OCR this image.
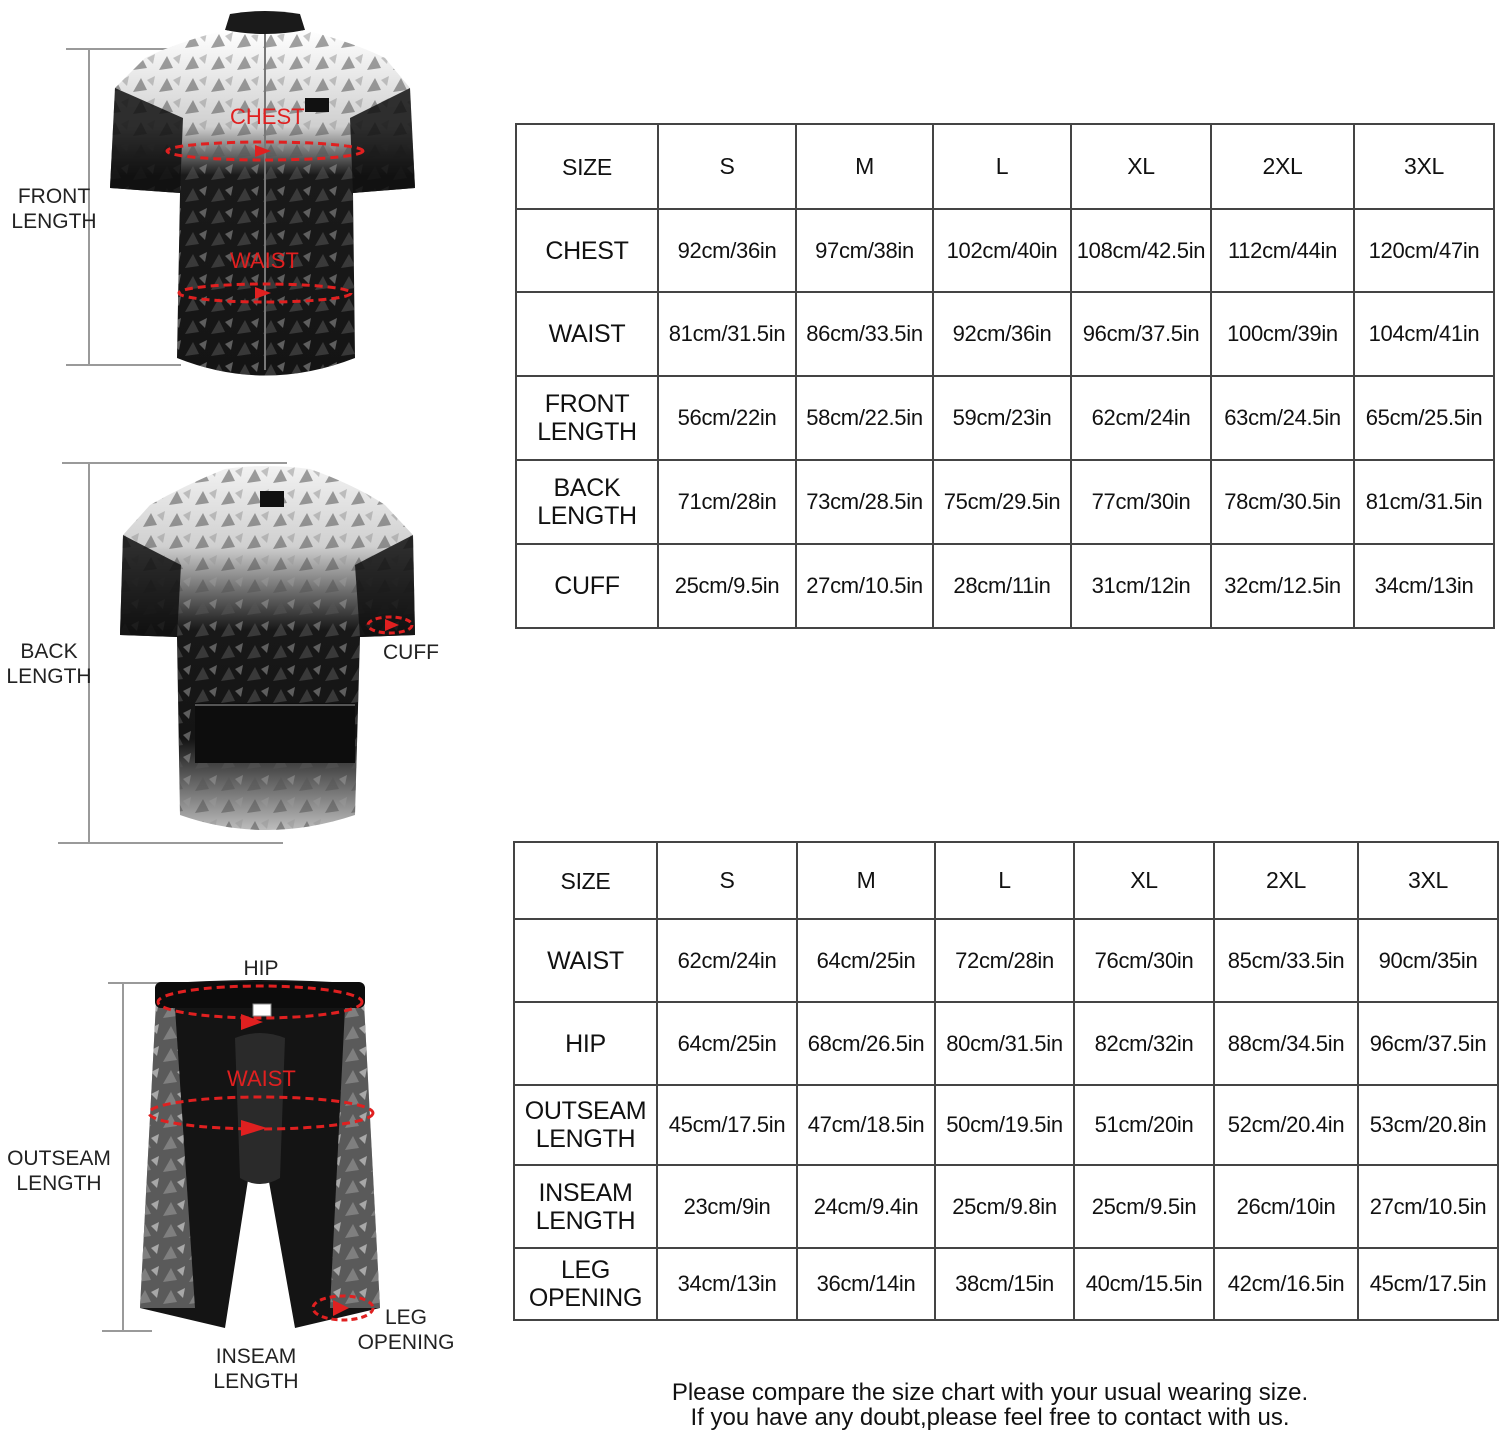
FRONT
LENGTH
CHEST
WAIST
BACK
LENGTH
CUFF
HIP
OUTSEAM
LENGTH
WAIST
LEG
OPENING
INSEAM
LENGTH
SIZE	S	M	L	XL	2XL	3XL
CHEST	92cm/36in	97cm/38in	102cm/40in	108cm/42.5in	112cm/44in	120cm/47in
WAIST	81cm/31.5in	86cm/33.5in	92cm/36in	96cm/37.5in	100cm/39in	104cm/41in
FRONT
LENGTH	56cm/22in	58cm/22.5in	59cm/23in	62cm/24in	63cm/24.5in	65cm/25.5in
BACK
LENGTH	71cm/28in	73cm/28.5in	75cm/29.5in	77cm/30in	78cm/30.5in	81cm/31.5in
CUFF	25cm/9.5in	27cm/10.5in	28cm/11in	31cm/12in	32cm/12.5in	34cm/13in
SIZE	S	M	L	XL	2XL	3XL
WAIST	62cm/24in	64cm/25in	72cm/28in	76cm/30in	85cm/33.5in	90cm/35in
HIP	64cm/25in	68cm/26.5in	80cm/31.5in	82cm/32in	88cm/34.5in	96cm/37.5in
OUTSEAM
LENGTH	45cm/17.5in	47cm/18.5in	50cm/19.5in	51cm/20in	52cm/20.4in	53cm/20.8in
INSEAM
LENGTH	23cm/9in	24cm/9.4in	25cm/9.8in	25cm/9.5in	26cm/10in	27cm/10.5in
LEG
OPENING	34cm/13in	36cm/14in	38cm/15in	40cm/15.5in	42cm/16.5in	45cm/17.5in
Please compare the size chart with your usual wearing size.
If you have any doubt,please feel free to contact with us.
